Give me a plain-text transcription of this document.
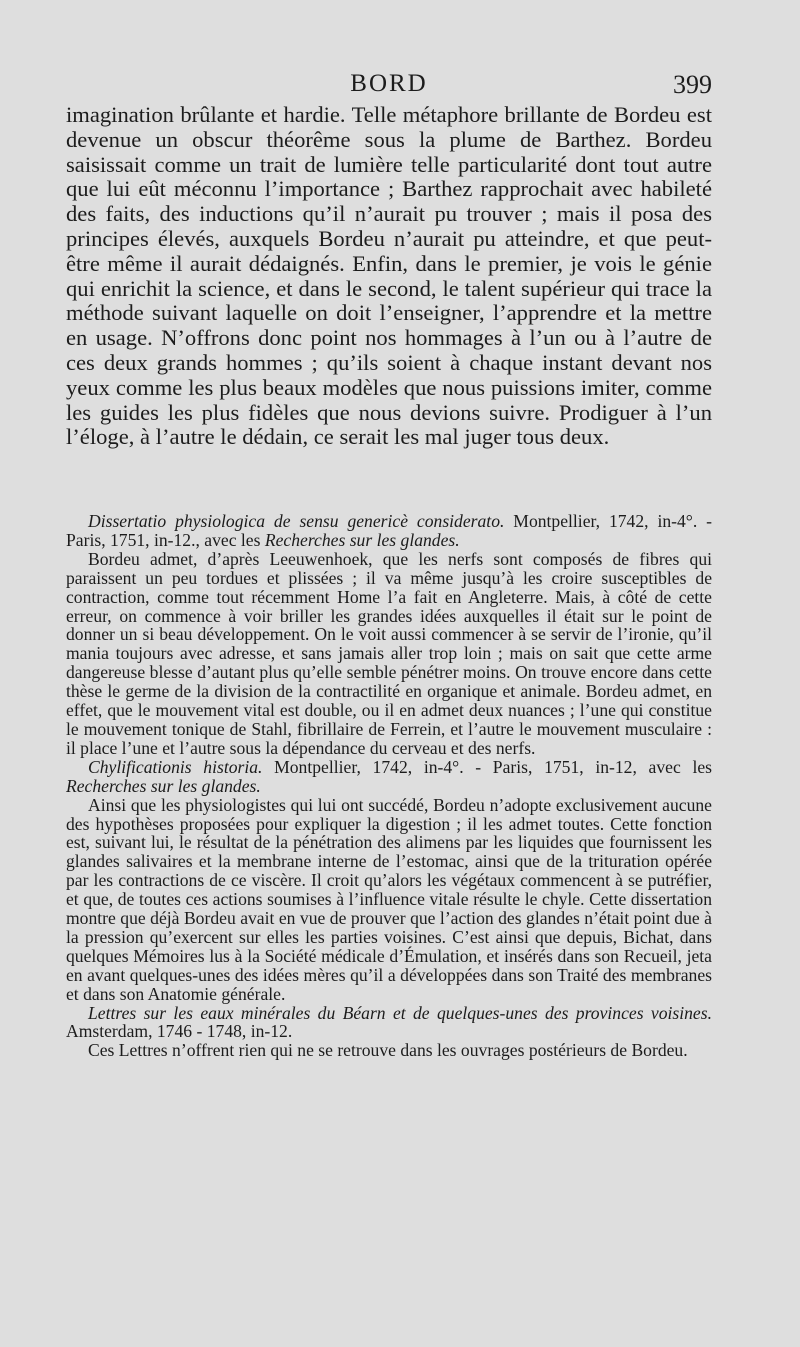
BORD	399

imagination brûlante et hardie. Telle métaphore brillante de Bordeu est devenue un obscur théorême sous la plume de Barthez. Bordeu saisissait comme un trait de lumière telle particularité dont tout autre que lui eût méconnu l’importance ; Barthez rapprochait avec habileté des faits, des inductions qu’il n’aurait pu trouver ; mais il posa des principes élevés, auxquels Bordeu n’aurait pu atteindre, et que peut-être même il aurait dédaignés. Enfin, dans le premier, je vois le génie qui enrichit la science, et dans le second, le talent supérieur qui trace la méthode suivant laquelle on doit l’enseigner, l’apprendre et la mettre en usage. N’offrons donc point nos hommages à l’un ou à l’autre de ces deux grands hommes ; qu’ils soient à chaque instant devant nos yeux comme les plus beaux modèles que nous puissions imiter, comme les guides les plus fidèles que nous devions suivre. Prodiguer à l’un l’éloge, à l’autre le dédain, ce serait les mal juger tous deux.

Dissertatio physiologica de sensu genericè considerato. Montpellier, 1742, in-4°. - Paris, 1751, in-12., avec les Recherches sur les glandes.

Bordeu admet, d’après Leeuwenhoek, que les nerfs sont composés de fibres qui paraissent un peu tordues et plissées ; il va même jusqu’à les croire susceptibles de contraction, comme tout récemment Home l’a fait en Angleterre. Mais, à côté de cette erreur, on commence à voir briller les grandes idées auxquelles il était sur le point de donner un si beau développement. On le voit aussi commencer à se servir de l’ironie, qu’il mania toujours avec adresse, et sans jamais aller trop loin ; mais on sait que cette arme dangereuse blesse d’autant plus qu’elle semble pénétrer moins. On trouve encore dans cette thèse le germe de la division de la contractilité en organique et animale. Bordeu admet, en effet, que le mouvement vital est double, ou il en admet deux nuances ; l’une qui constitue le mouvement tonique de Stahl, fibrillaire de Ferrein, et l’autre le mouvement musculaire : il place l’une et l’autre sous la dépendance du cerveau et des nerfs.

Chylificationis historia. Montpellier, 1742, in-4°. - Paris, 1751, in-12, avec les Recherches sur les glandes.

Ainsi que les physiologistes qui lui ont succédé, Bordeu n’adopte exclusivement aucune des hypothèses proposées pour expliquer la digestion ; il les admet toutes. Cette fonction est, suivant lui, le résultat de la pénétration des alimens par les liquides que fournissent les glandes salivaires et la membrane interne de l’estomac, ainsi que de la trituration opérée par les contractions de ce viscère. Il croit qu’alors les végétaux commencent à se putréfier, et que, de toutes ces actions soumises à l’influence vitale résulte le chyle. Cette dissertation montre que déjà Bordeu avait en vue de prouver que l’action des glandes n’était point due à la pression qu’exercent sur elles les parties voisines. C’est ainsi que depuis, Bichat, dans quelques Mémoires lus à la Société médicale d’Émulation, et insérés dans son Recueil, jeta en avant quelques-unes des idées mères qu’il a développées dans son Traité des membranes et dans son Anatomie générale.

Lettres sur les eaux minérales du Béarn et de quelques-unes des provinces voisines. Amsterdam, 1746 - 1748, in-12.

Ces Lettres n’offrent rien qui ne se retrouve dans les ouvrages postérieurs de Bordeu.
